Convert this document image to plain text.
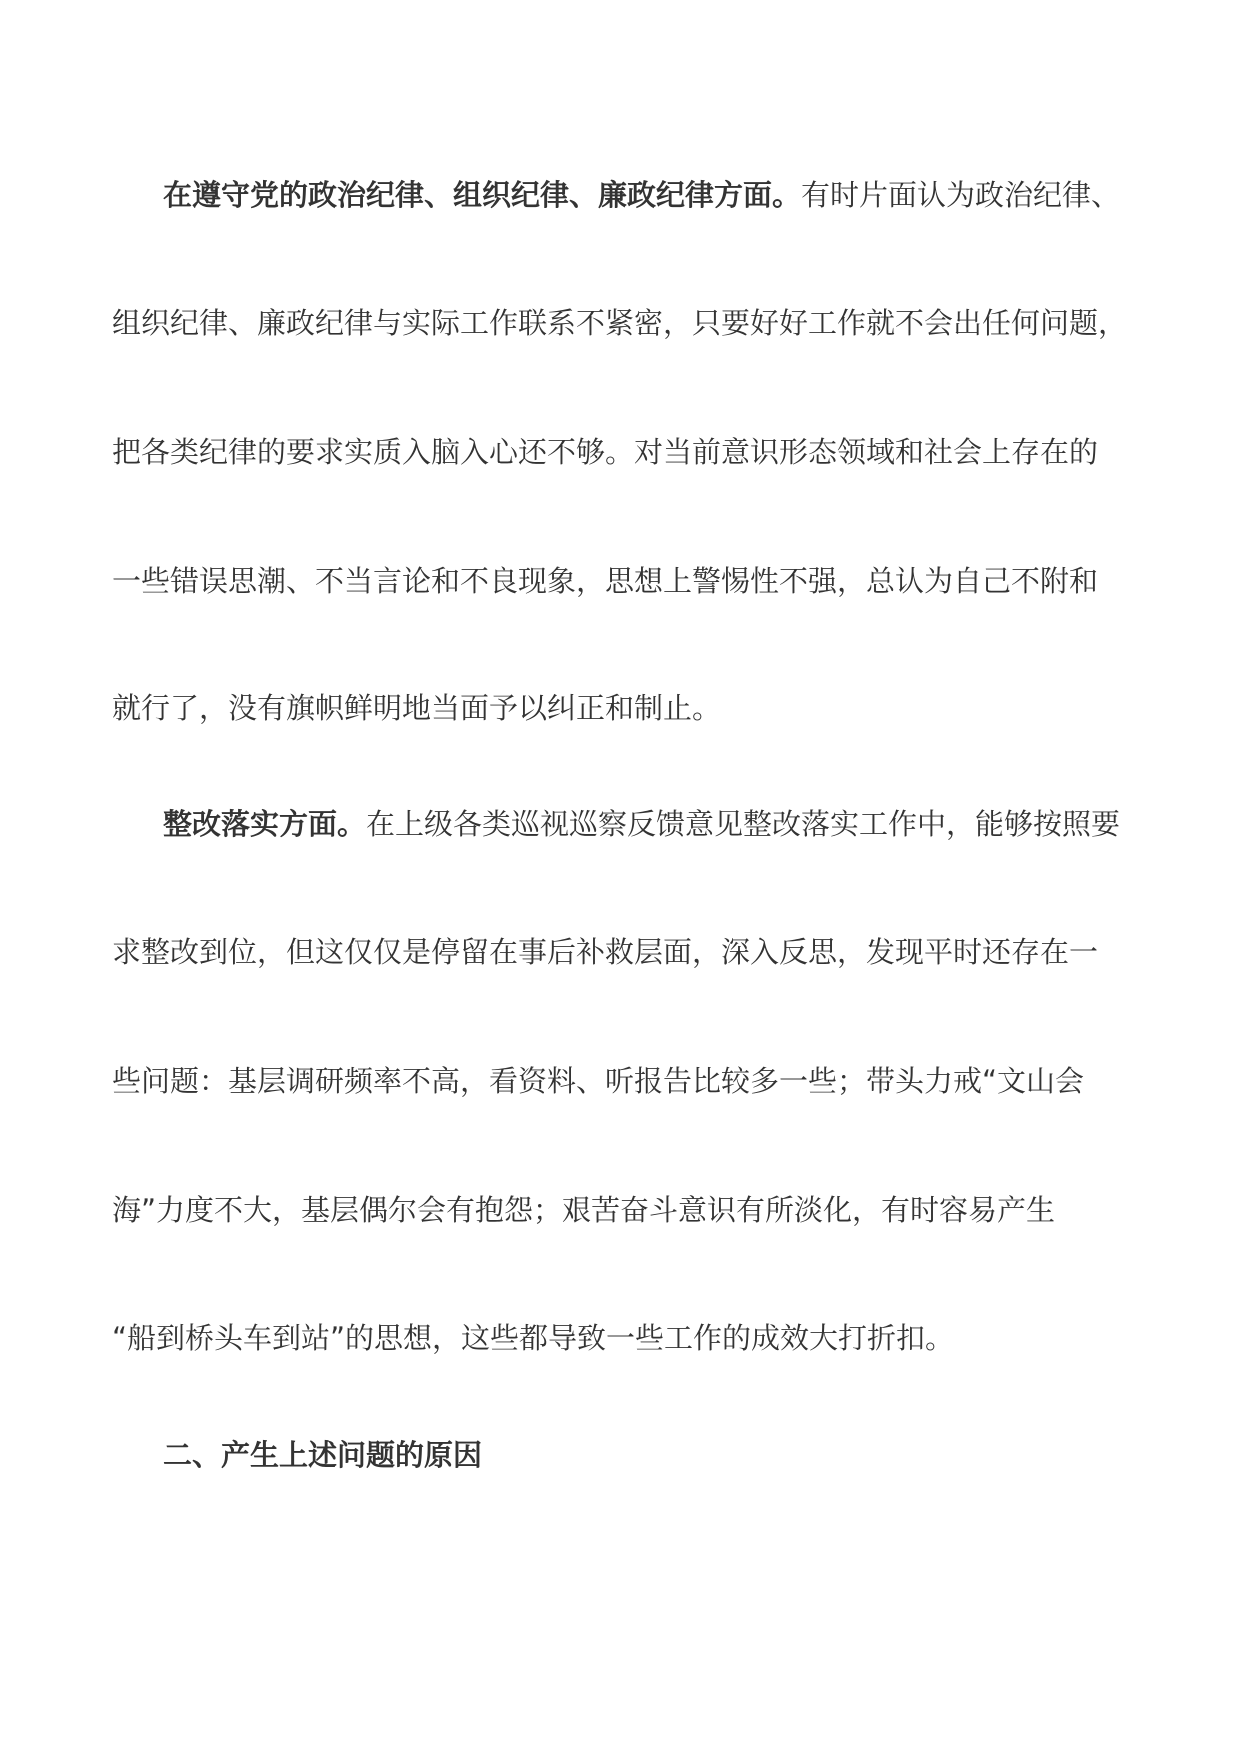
在遵守党的政治纪律、组织纪律、廉政纪律方面。有时片面认为政治纪律、
组织纪律、廉政纪律与实际工作联系不紧密，只要好好工作就不会出任何问题，
把各类纪律的要求实质入脑入心还不够。对当前意识形态领域和社会上存在的
一些错误思潮、不当言论和不良现象，思想上警惕性不强，总认为自己不附和
就行了，没有旗帜鲜明地当面予以纠正和制止。
整改落实方面。在上级各类巡视巡察反馈意见整改落实工作中，能够按照要
求整改到位，但这仅仅是停留在事后补救层面，深入反思，发现平时还存在一
些问题：基层调研频率不高，看资料、听报告比较多一些；带头力戒“文山会
海”力度不大，基层偶尔会有抱怨；艰苦奋斗意识有所淡化，有时容易产生
“船到桥头车到站”的思想，这些都导致一些工作的成效大打折扣。
二、产生上述问题的原因
